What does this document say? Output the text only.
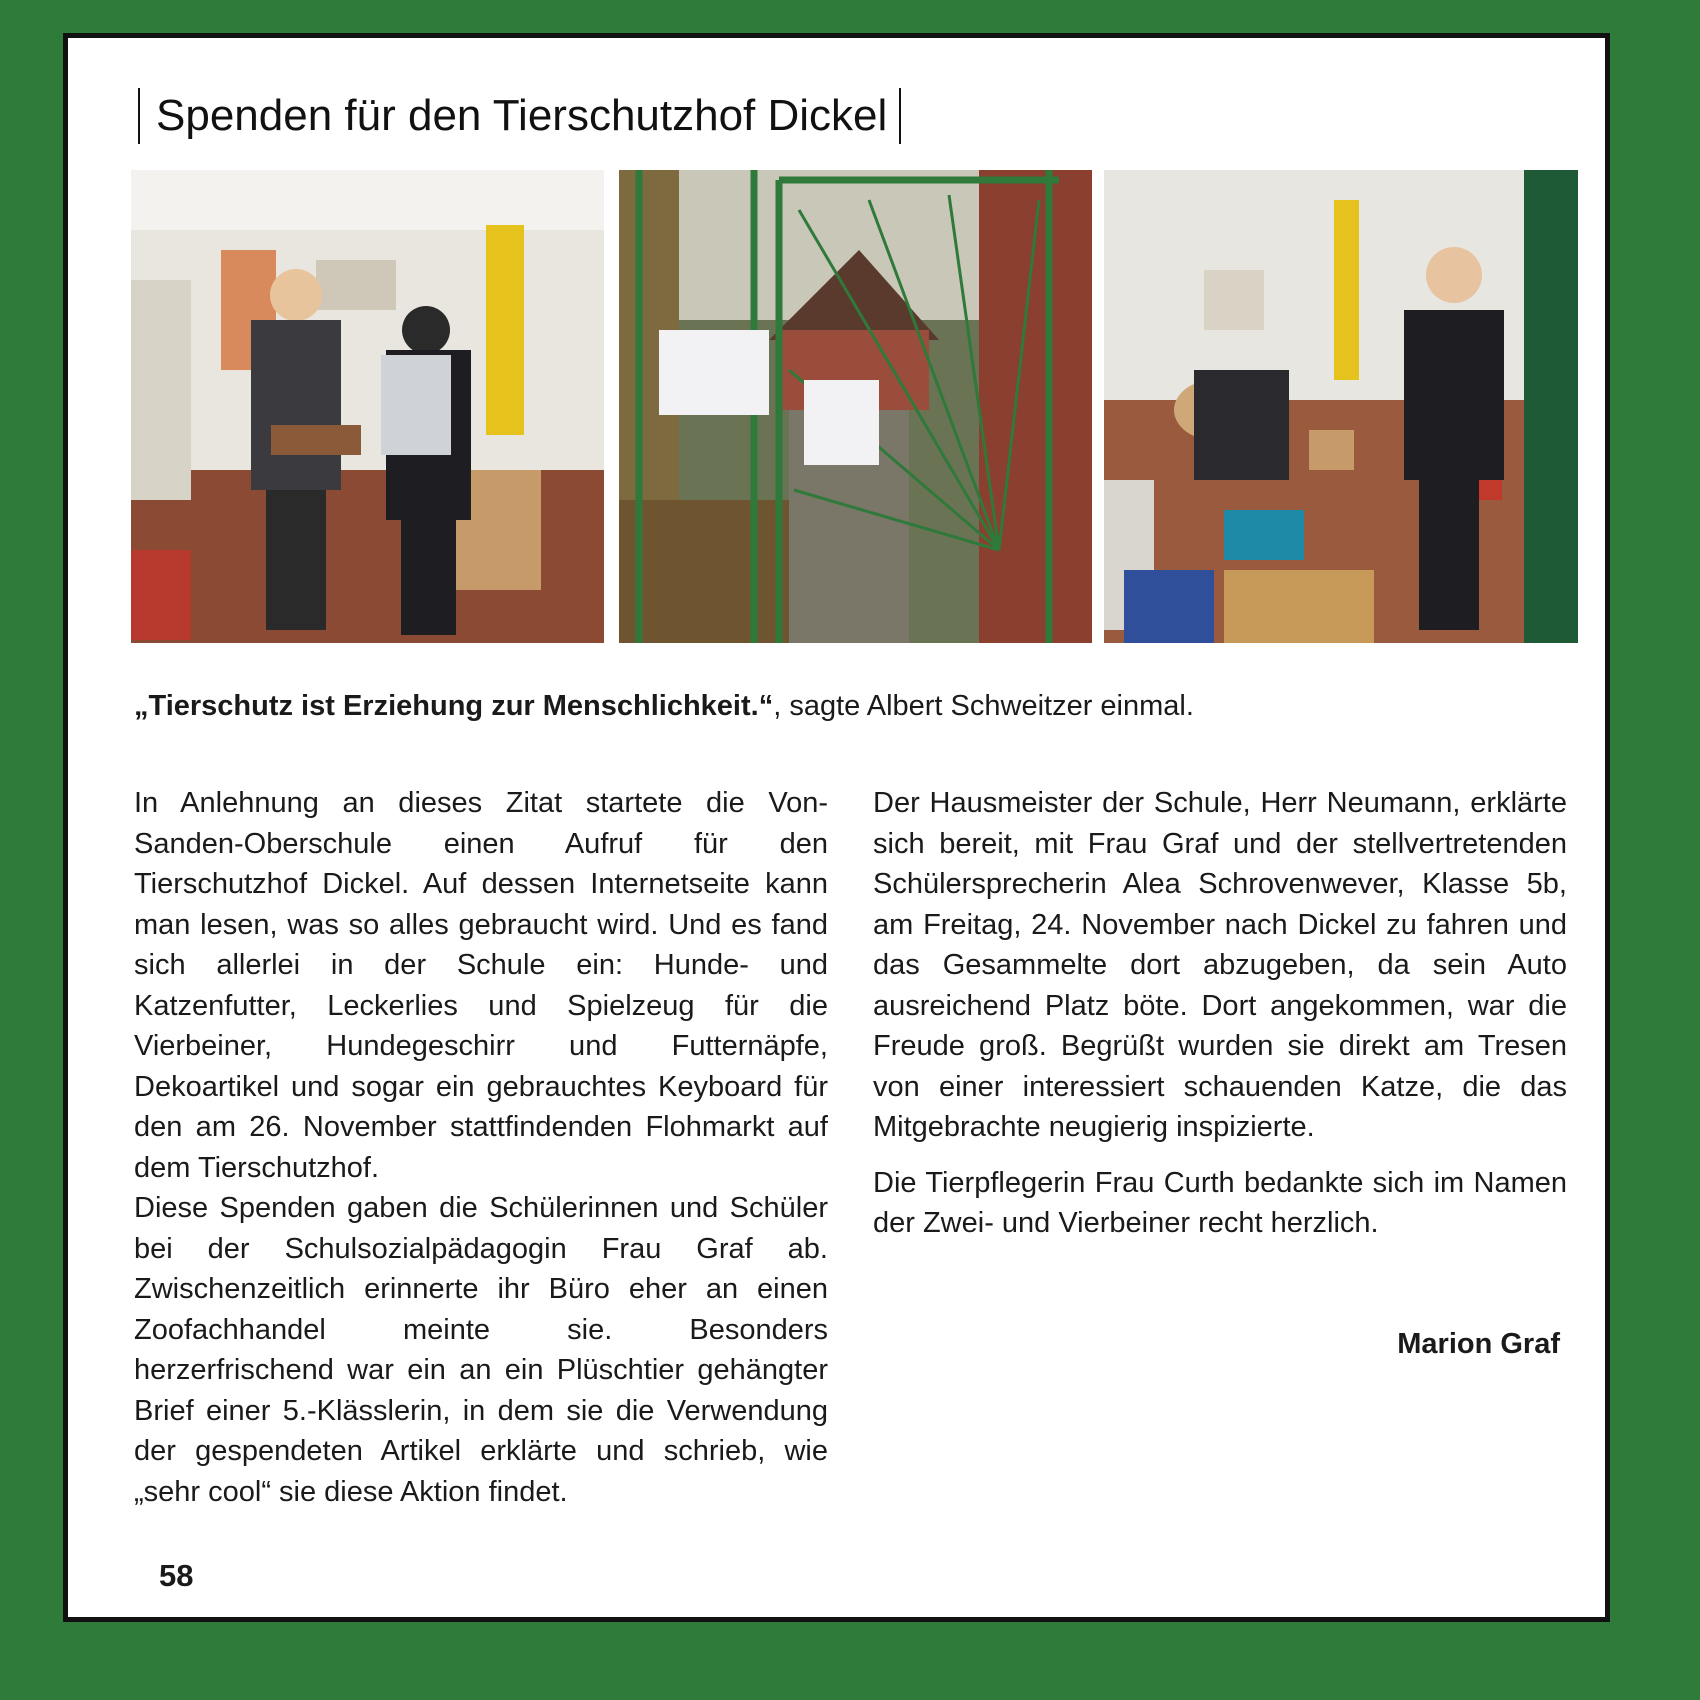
Spenden für den Tierschutzhof Dickel
„Tierschutz ist Erziehung zur Menschlichkeit.“, sagte Albert Schweitzer einmal.

In Anlehnung an dieses Zitat startete die Von-Sanden-Oberschule einen Aufruf für den Tierschutzhof Dickel. Auf dessen Internetseite kann man lesen, was so alles gebraucht wird. Und es fand sich allerlei in der Schule ein: Hunde- und Katzenfutter, Leckerlies und Spielzeug für die Vierbeiner, Hundegeschirr und Futternäpfe, Dekoartikel und sogar ein gebrauchtes Keyboard für den am 26. November stattfindenden Flohmarkt auf dem Tierschutzhof.

Diese Spenden gaben die Schülerinnen und Schüler bei der Schulsozialpädagogin Frau Graf ab. Zwischenzeitlich erinnerte ihr Büro eher an einen Zoofachhandel meinte sie. Besonders herzerfrischend war ein an ein Plüschtier gehängter Brief einer 5.-Klässlerin, in dem sie die Verwendung der gespendeten Artikel erklärte und schrieb, wie „sehr cool“ sie diese Aktion findet.

Der Hausmeister der Schule, Herr Neumann, erklärte sich bereit, mit Frau Graf und der stellvertretenden Schülersprecherin Alea Schrovenwever, Klasse 5b, am Freitag, 24. November nach Dickel zu fahren und das Gesammelte dort abzugeben, da sein Auto ausreichend Platz böte. Dort angekommen, war die Freude groß. Begrüßt wurden sie direkt am Tresen von einer interessiert schauenden Katze, die das Mitgebrachte neugierig inspizierte.

Die Tierpflegerin Frau Curth bedankte sich im Namen der Zwei- und Vierbeiner recht herzlich.

Marion Graf
58
